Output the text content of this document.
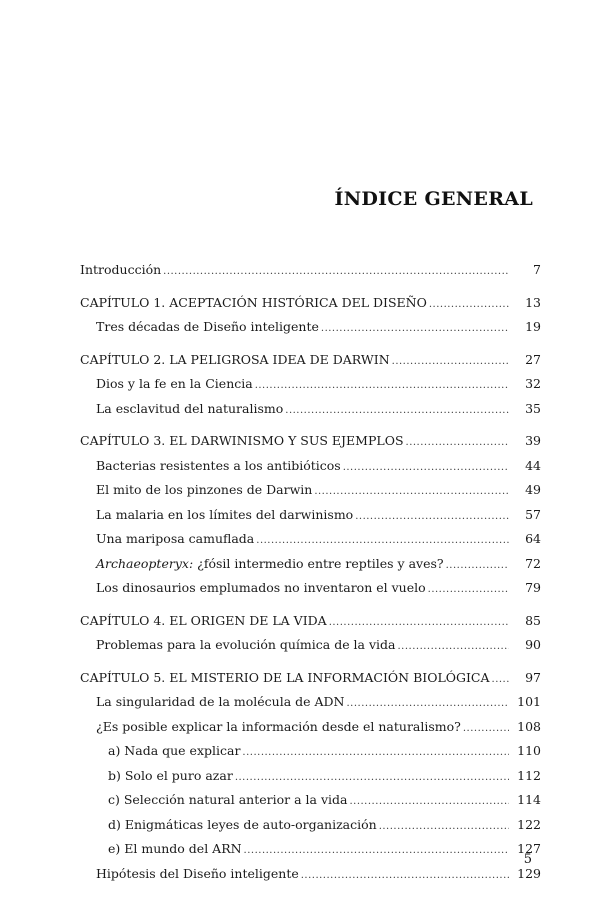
ÍNDICE GENERAL
Introducción .....	7
CAPÍTULO 1. ACEPTACIÓN HISTÓRICA DEL DISEÑO .....	13
Tres décadas de Diseño inteligente .....	19
CAPÍTULO 2. LA PELIGROSA IDEA DE DARWIN .....	27
Dios y la fe en la Ciencia .....	32
La esclavitud del naturalismo .....	35
CAPÍTULO 3. EL DARWINISMO Y SUS EJEMPLOS .....	39
Bacterias resistentes a los antibióticos .....	44
El mito de los pinzones de Darwin .....	49
La malaria en los límites del darwinismo .....	57
Una mariposa camuflada .....	64
Archaeopteryx: ¿fósil intermedio entre reptiles y aves? .....	72
Los dinosaurios emplumados no inventaron el vuelo .....	79
CAPÍTULO 4. EL ORIGEN DE LA VIDA .....	85
Problemas para la evolución química de la vida .....	90
CAPÍTULO 5. EL MISTERIO DE LA INFORMACIÓN BIOLÓGICA .....	97
La singularidad de la molécula de ADN .....	101
¿Es posible explicar la información desde el naturalismo? .....	108
a) Nada que explicar .....	110
b) Solo el puro azar .....	112
c) Selección natural anterior a la vida .....	114
d) Enigmáticas leyes de auto-organización .....	122
e) El mundo del ARN .....	127
Hipótesis del Diseño inteligente .....	129
5
